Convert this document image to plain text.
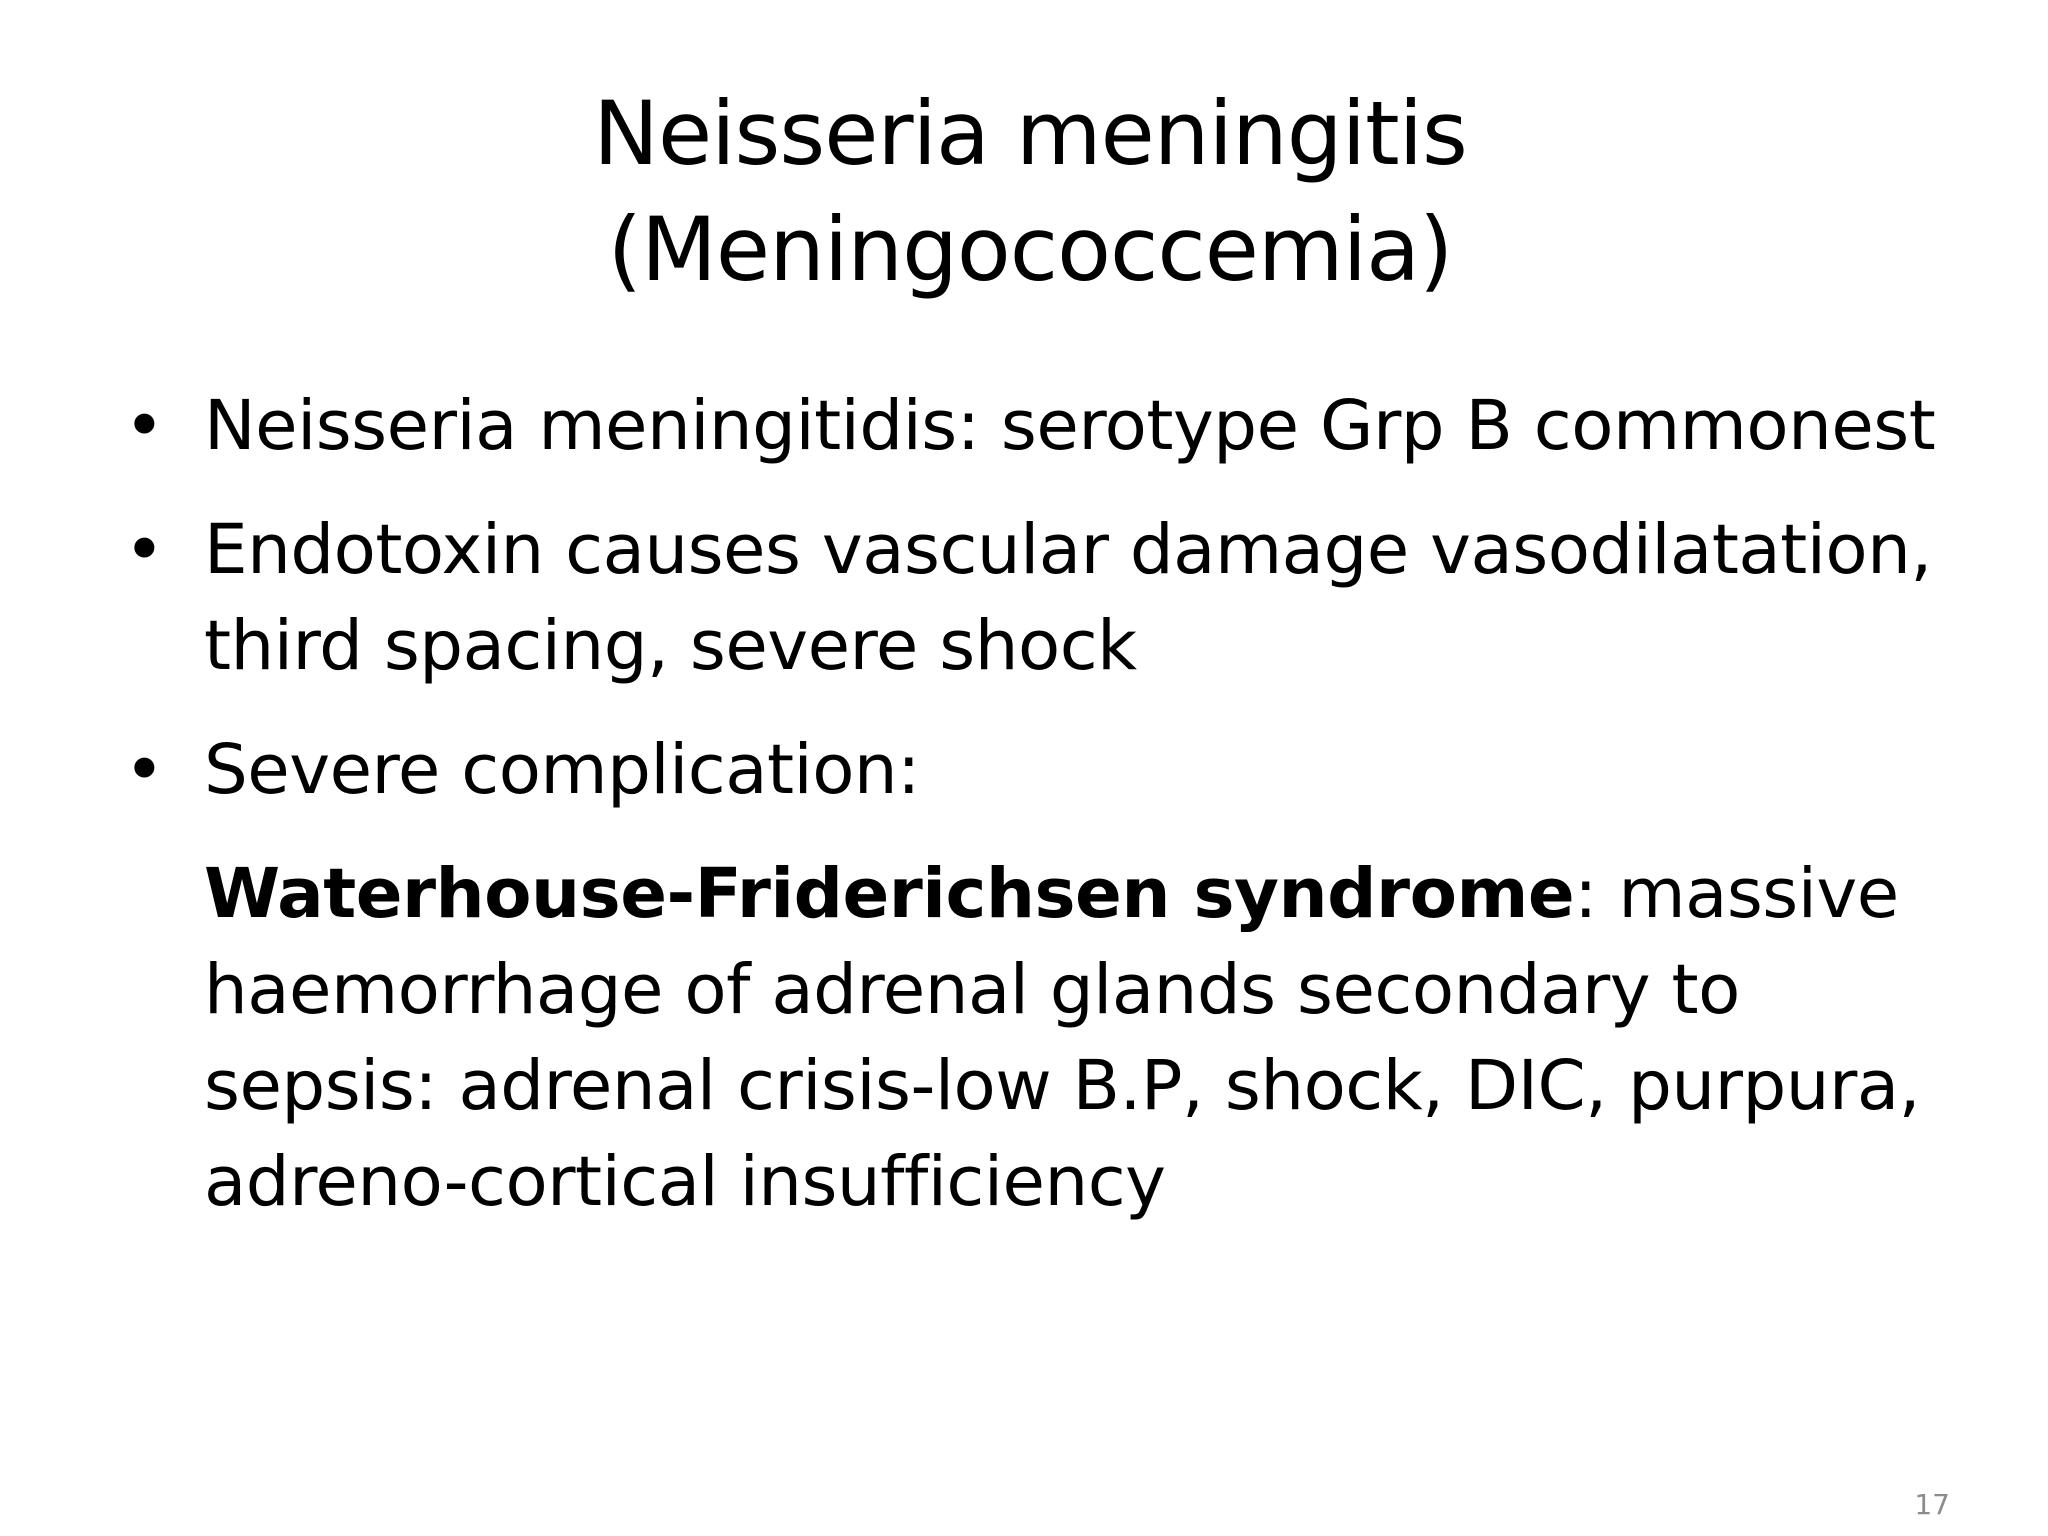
Neisseria meningitis
(Meningococcemia)
• Neisseria meningitidis: serotype Grp B commonest
• Endotoxin causes vascular damage vasodilatation, third spacing, severe shock
• Severe complication:
Waterhouse-Friderichsen syndrome: massive haemorrhage of adrenal glands secondary to sepsis: adrenal crisis-low B.P, shock, DIC, purpura, adreno-cortical insufficiency
17
